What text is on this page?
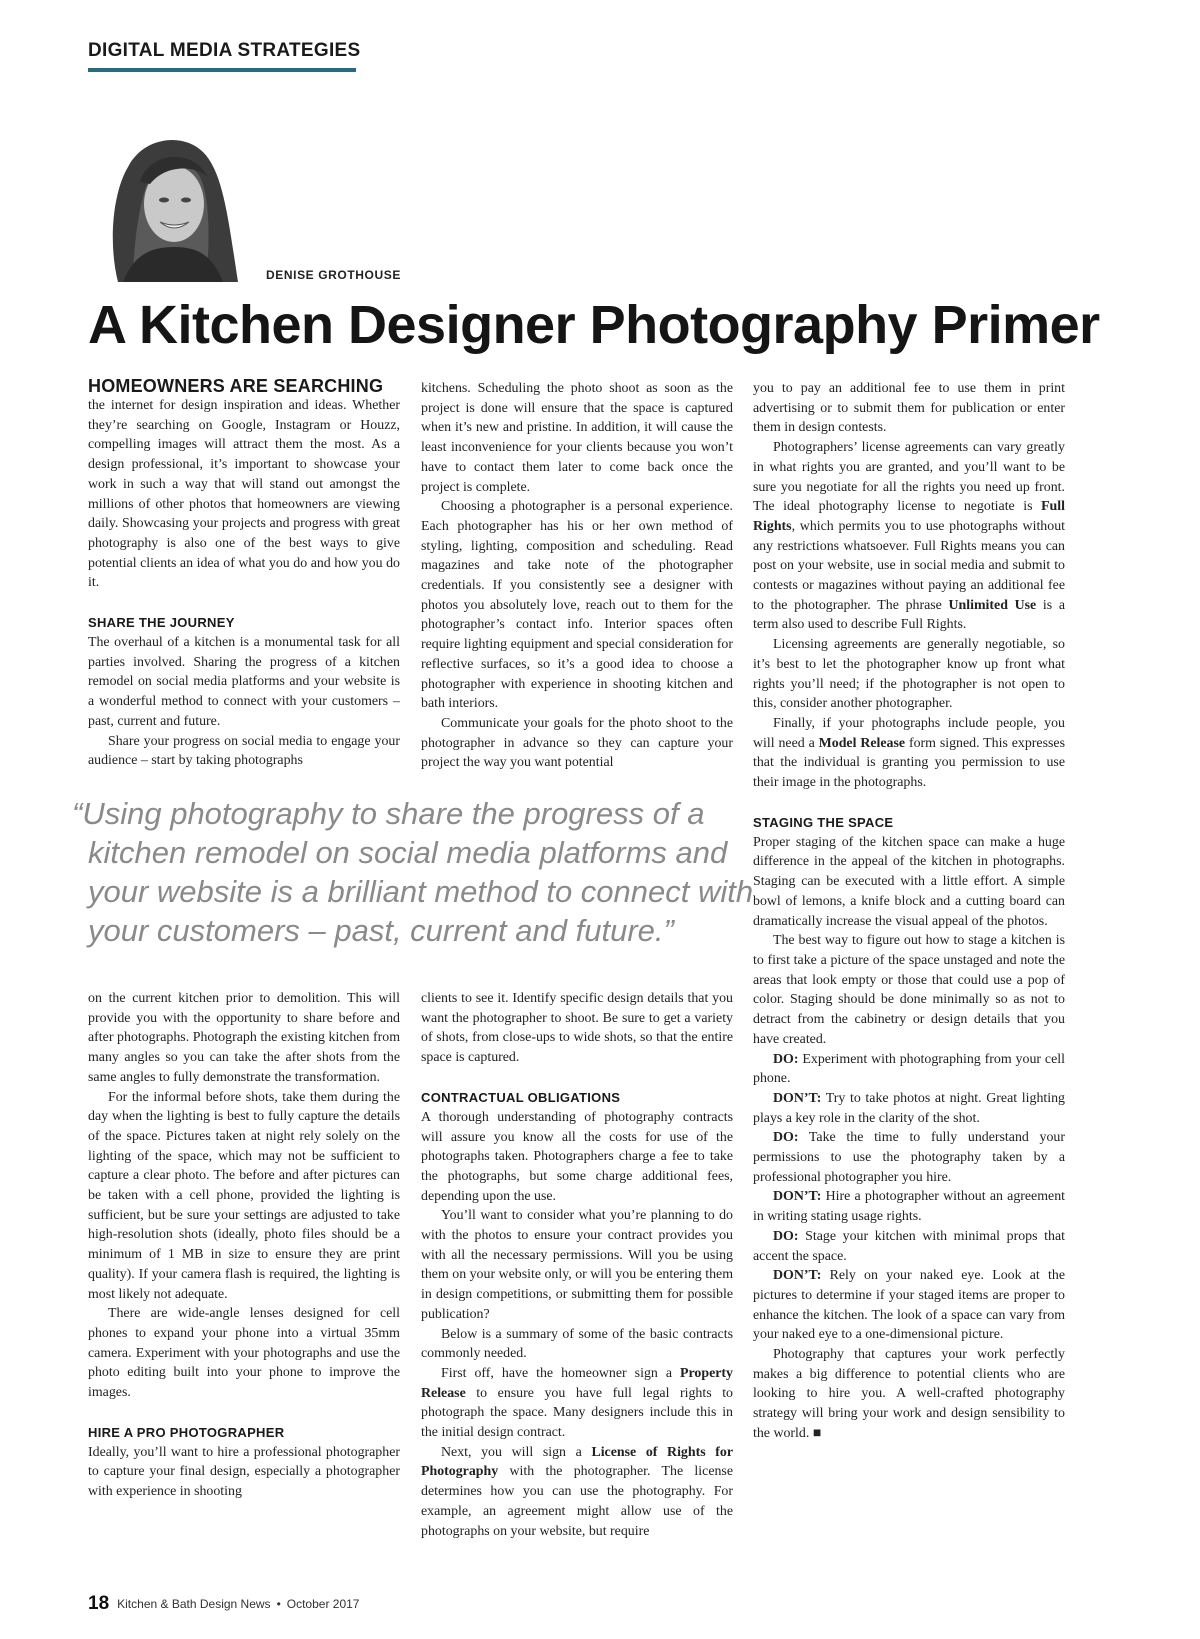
DIGITAL MEDIA STRATEGIES
DENISE GROTHOUSE
A Kitchen Designer Photography Primer

HOMEOWNERS ARE SEARCHING
the internet for design inspiration and ideas. Whether they’re searching on Google, Instagram or Houzz, compelling images will attract them the most. As a design professional, it’s important to showcase your work in such a way that will stand out amongst the millions of other photos that homeowners are viewing daily. Showcasing your projects and progress with great photography is also one of the best ways to give potential clients an idea of what you do and how you do it.

SHARE THE JOURNEY

The overhaul of a kitchen is a monumental task for all parties involved. Sharing the progress of a kitchen remodel on social media platforms and your website is a wonderful method to connect with your customers – past, current and future.

Share your progress on social media to engage your audience – start by taking photographs

kitchens. Scheduling the photo shoot as soon as the project is done will ensure that the space is captured when it’s new and pristine. In addition, it will cause the least inconvenience for your clients because you won’t have to contact them later to come back once the project is complete.

Choosing a photographer is a personal experience. Each photographer has his or her own method of styling, lighting, composition and scheduling. Read magazines and take note of the photographer credentials. If you consistently see a designer with photos you absolutely love, reach out to them for the photographer’s contact info. Interior spaces often require lighting equipment and special consideration for reflective surfaces, so it’s a good idea to choose a photographer with experience in shooting kitchen and bath interiors.

Communicate your goals for the photo shoot to the photographer in advance so they can capture your project the way you want potential

you to pay an additional fee to use them in print advertising or to submit them for publication or enter them in design contests.

Photographers’ license agreements can vary greatly in what rights you are granted, and you’ll want to be sure you negotiate for all the rights you need up front. The ideal photography license to negotiate is Full Rights, which permits you to use photographs without any restrictions whatsoever. Full Rights means you can post on your website, use in social media and submit to contests or magazines without paying an additional fee to the photographer. The phrase Unlimited Use is a term also used to describe Full Rights.

Licensing agreements are generally negotiable, so it’s best to let the photographer know up front what rights you’ll need; if the photographer is not open to this, consider another photographer.

Finally, if your photographs include people, you will need a Model Release form signed. This expresses that the individual is granting you permission to use their image in the photographs.

STAGING THE SPACE

Proper staging of the kitchen space can make a huge difference in the appeal of the kitchen in photographs. Staging can be executed with a little effort. A simple bowl of lemons, a knife block and a cutting board can dramatically increase the visual appeal of the photos.

The best way to figure out how to stage a kitchen is to first take a picture of the space unstaged and note the areas that look empty or those that could use a pop of color. Staging should be done minimally so as not to detract from the cabinetry or design details that you have created.

DO: Experiment with photographing from your cell phone.

DON’T: Try to take photos at night. Great lighting plays a key role in the clarity of the shot.

DO: Take the time to fully understand your permissions to use the photography taken by a professional photographer you hire.

DON’T: Hire a photographer without an agreement in writing stating usage rights.

DO: Stage your kitchen with minimal props that accent the space.

DON’T: Rely on your naked eye. Look at the pictures to determine if your staged items are proper to enhance the kitchen. The look of a space can vary from your naked eye to a one-dimensional picture.

Photography that captures your work perfectly makes a big difference to potential clients who are looking to hire you. A well-crafted photography strategy will bring your work and design sensibility to the world. ■

“Using photography to share the progress of a
kitchen remodel on social media platforms and
your website is a brilliant method to connect with
your customers – past, current and future.”

on the current kitchen prior to demolition. This will provide you with the opportunity to share before and after photographs. Photograph the existing kitchen from many angles so you can take the after shots from the same angles to fully demonstrate the transformation.

For the informal before shots, take them during the day when the lighting is best to fully capture the details of the space. Pictures taken at night rely solely on the lighting of the space, which may not be sufficient to capture a clear photo. The before and after pictures can be taken with a cell phone, provided the lighting is sufficient, but be sure your settings are adjusted to take high-resolution shots (ideally, photo files should be a minimum of 1 MB in size to ensure they are print quality). If your camera flash is required, the lighting is most likely not adequate.

There are wide-angle lenses designed for cell phones to expand your phone into a virtual 35mm camera. Experiment with your photographs and use the photo editing built into your phone to improve the images.

HIRE A PRO PHOTOGRAPHER

Ideally, you’ll want to hire a professional photographer to capture your final design, especially a photographer with experience in shooting

clients to see it. Identify specific design details that you want the photographer to shoot. Be sure to get a variety of shots, from close-ups to wide shots, so that the entire space is captured.

CONTRACTUAL OBLIGATIONS

A thorough understanding of photography contracts will assure you know all the costs for use of the photographs taken. Photographers charge a fee to take the photographs, but some charge additional fees, depending upon the use.

You’ll want to consider what you’re planning to do with the photos to ensure your contract provides you with all the necessary permissions. Will you be using them on your website only, or will you be entering them in design competitions, or submitting them for possible publication?

Below is a summary of some of the basic contracts commonly needed.

First off, have the homeowner sign a Property Release to ensure you have full legal rights to photograph the space. Many designers include this in the initial design contract.

Next, you will sign a License of Rights for Photography with the photographer. The license determines how you can use the photography. For example, an agreement might allow use of the photographs on your website, but require

18 Kitchen & Bath Design News • October 2017
